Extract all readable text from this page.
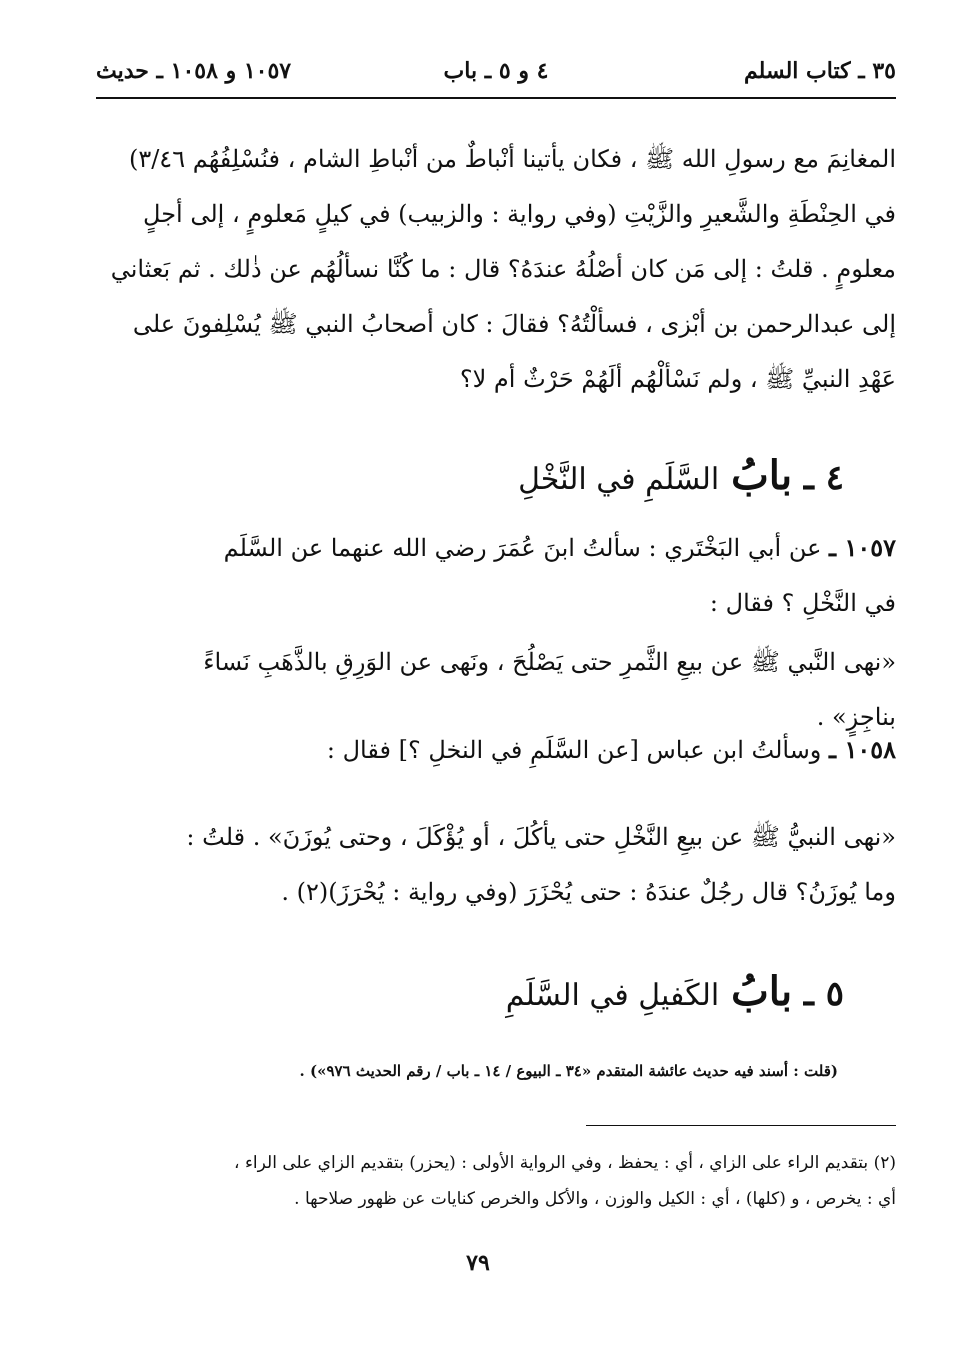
٣٥ ـ كتاب السلم
٤ و ٥ ـ باب
١٠٥٧ و ١٠٥٨ ـ حديث

المغانِمَ مع رسولِ الله ﷺ ، فكان يأتينا أنْباطٌ من أنْباطِ الشام ، فنُسْلِفُهُم ٣/٤٦)

في الحِنْطَةِ والشَّعيرِ والزَّيْتِ (وفي رواية : والزبيب) في كيلٍ مَعلومٍ ، إلى أجلٍ

معلومٍ . قلتُ : إلى مَن كان أصْلُهُ عندَهُ؟ قال : ما كُنَّا نسألُهُم عن ذٰلك . ثم بَعثاني

إلى عبدالرحمن بن أبْزى ، فسألْتُهُ؟ فقالَ : كان أصحابُ النبي ﷺ يُسْلِفونَ على

عَهْدِ النبيِّ ﷺ ، ولم نَسْألْهُم ألَهُمْ حَرْثٌ أم لا؟

٤ ـ بابُ السَّلَمِ في النَّخْلِ

١٠٥٧ ـ عن أبي البَخْتَري : سألتُ ابنَ عُمَرَ رضي الله عنهما عن السَّلَم

في النَّخْلِ ؟ فقال :

«نهى النَّبي ﷺ عن بيعِ الثَّمرِ حتى يَصْلُحَ ، ونَهى عن الوَرِقِ بالذَّهَبِ نَساءً

بناجِزٍ» .

١٠٥٨ ـ وسألتُ ابن عباس [عن السَّلَمِ في النخلِ ؟] فقال :

«نهى النبيُّ ﷺ عن بيعِ النَّخْلِ حتى يأكُلَ ، أو يُؤْكَلَ ، وحتى يُوزَنَ» . قلتُ :

وما يُوزَنُ؟ قال رجُلٌ عندَهُ : حتى يُحْزَرَ (وفي رواية : يُحْرَزَ)(٢) .

٥ ـ بابُ الكَفيلِ في السَّلَمِ
(قلت : أسند فيه حديث عائشة المتقدم «٣٤ ـ البيوع / ١٤ ـ باب / رقم الحديث ٩٧٦») .

(٢) بتقديم الراء على الزاي ، أي : يحفظ ، وفي الرواية الأولى : (يحزر) بتقديم الزاي على الراء ،

أي : يخرص ، و (كلها) ، أي : الكيل والوزن ، والأكل والخرص كنايات عن ظهور صلاحها .

٧٩
